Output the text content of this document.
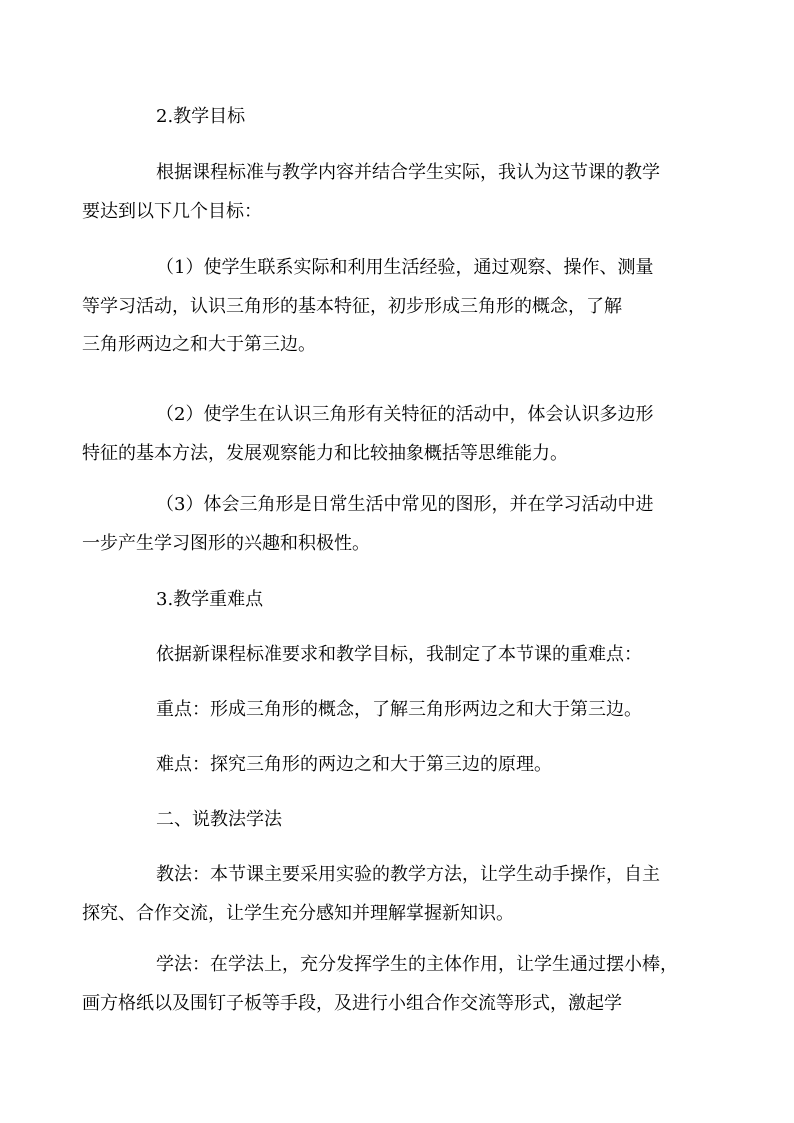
2.教学目标

根据课程标准与教学内容并结合学生实际，我认为这节课的教学
要达到以下几个目标：
（1）使学生联系实际和利用生活经验，通过观察、操作、测量
等学习活动，认识三角形的基本特征，初步形成三角形的概念，了解
三角形两边之和大于第三边。
（2）使学生在认识三角形有关特征的活动中，体会认识多边形
特征的基本方法，发展观察能力和比较抽象概括等思维能力。
（3）体会三角形是日常生活中常见的图形，并在学习活动中进
一步产生学习图形的兴趣和积极性。

3.教学重难点

依据新课程标准要求和教学目标，我制定了本节课的重难点：

重点：形成三角形的概念，了解三角形两边之和大于第三边。

难点：探究三角形的两边之和大于第三边的原理。

二、说教法学法

教法：本节课主要采用实验的教学方法，让学生动手操作，自主
探究、合作交流，让学生充分感知并理解掌握新知识。
学法：在学法上，充分发挥学生的主体作用，让学生通过摆小棒，
画方格纸以及围钉子板等手段，及进行小组合作交流等形式，激起学
